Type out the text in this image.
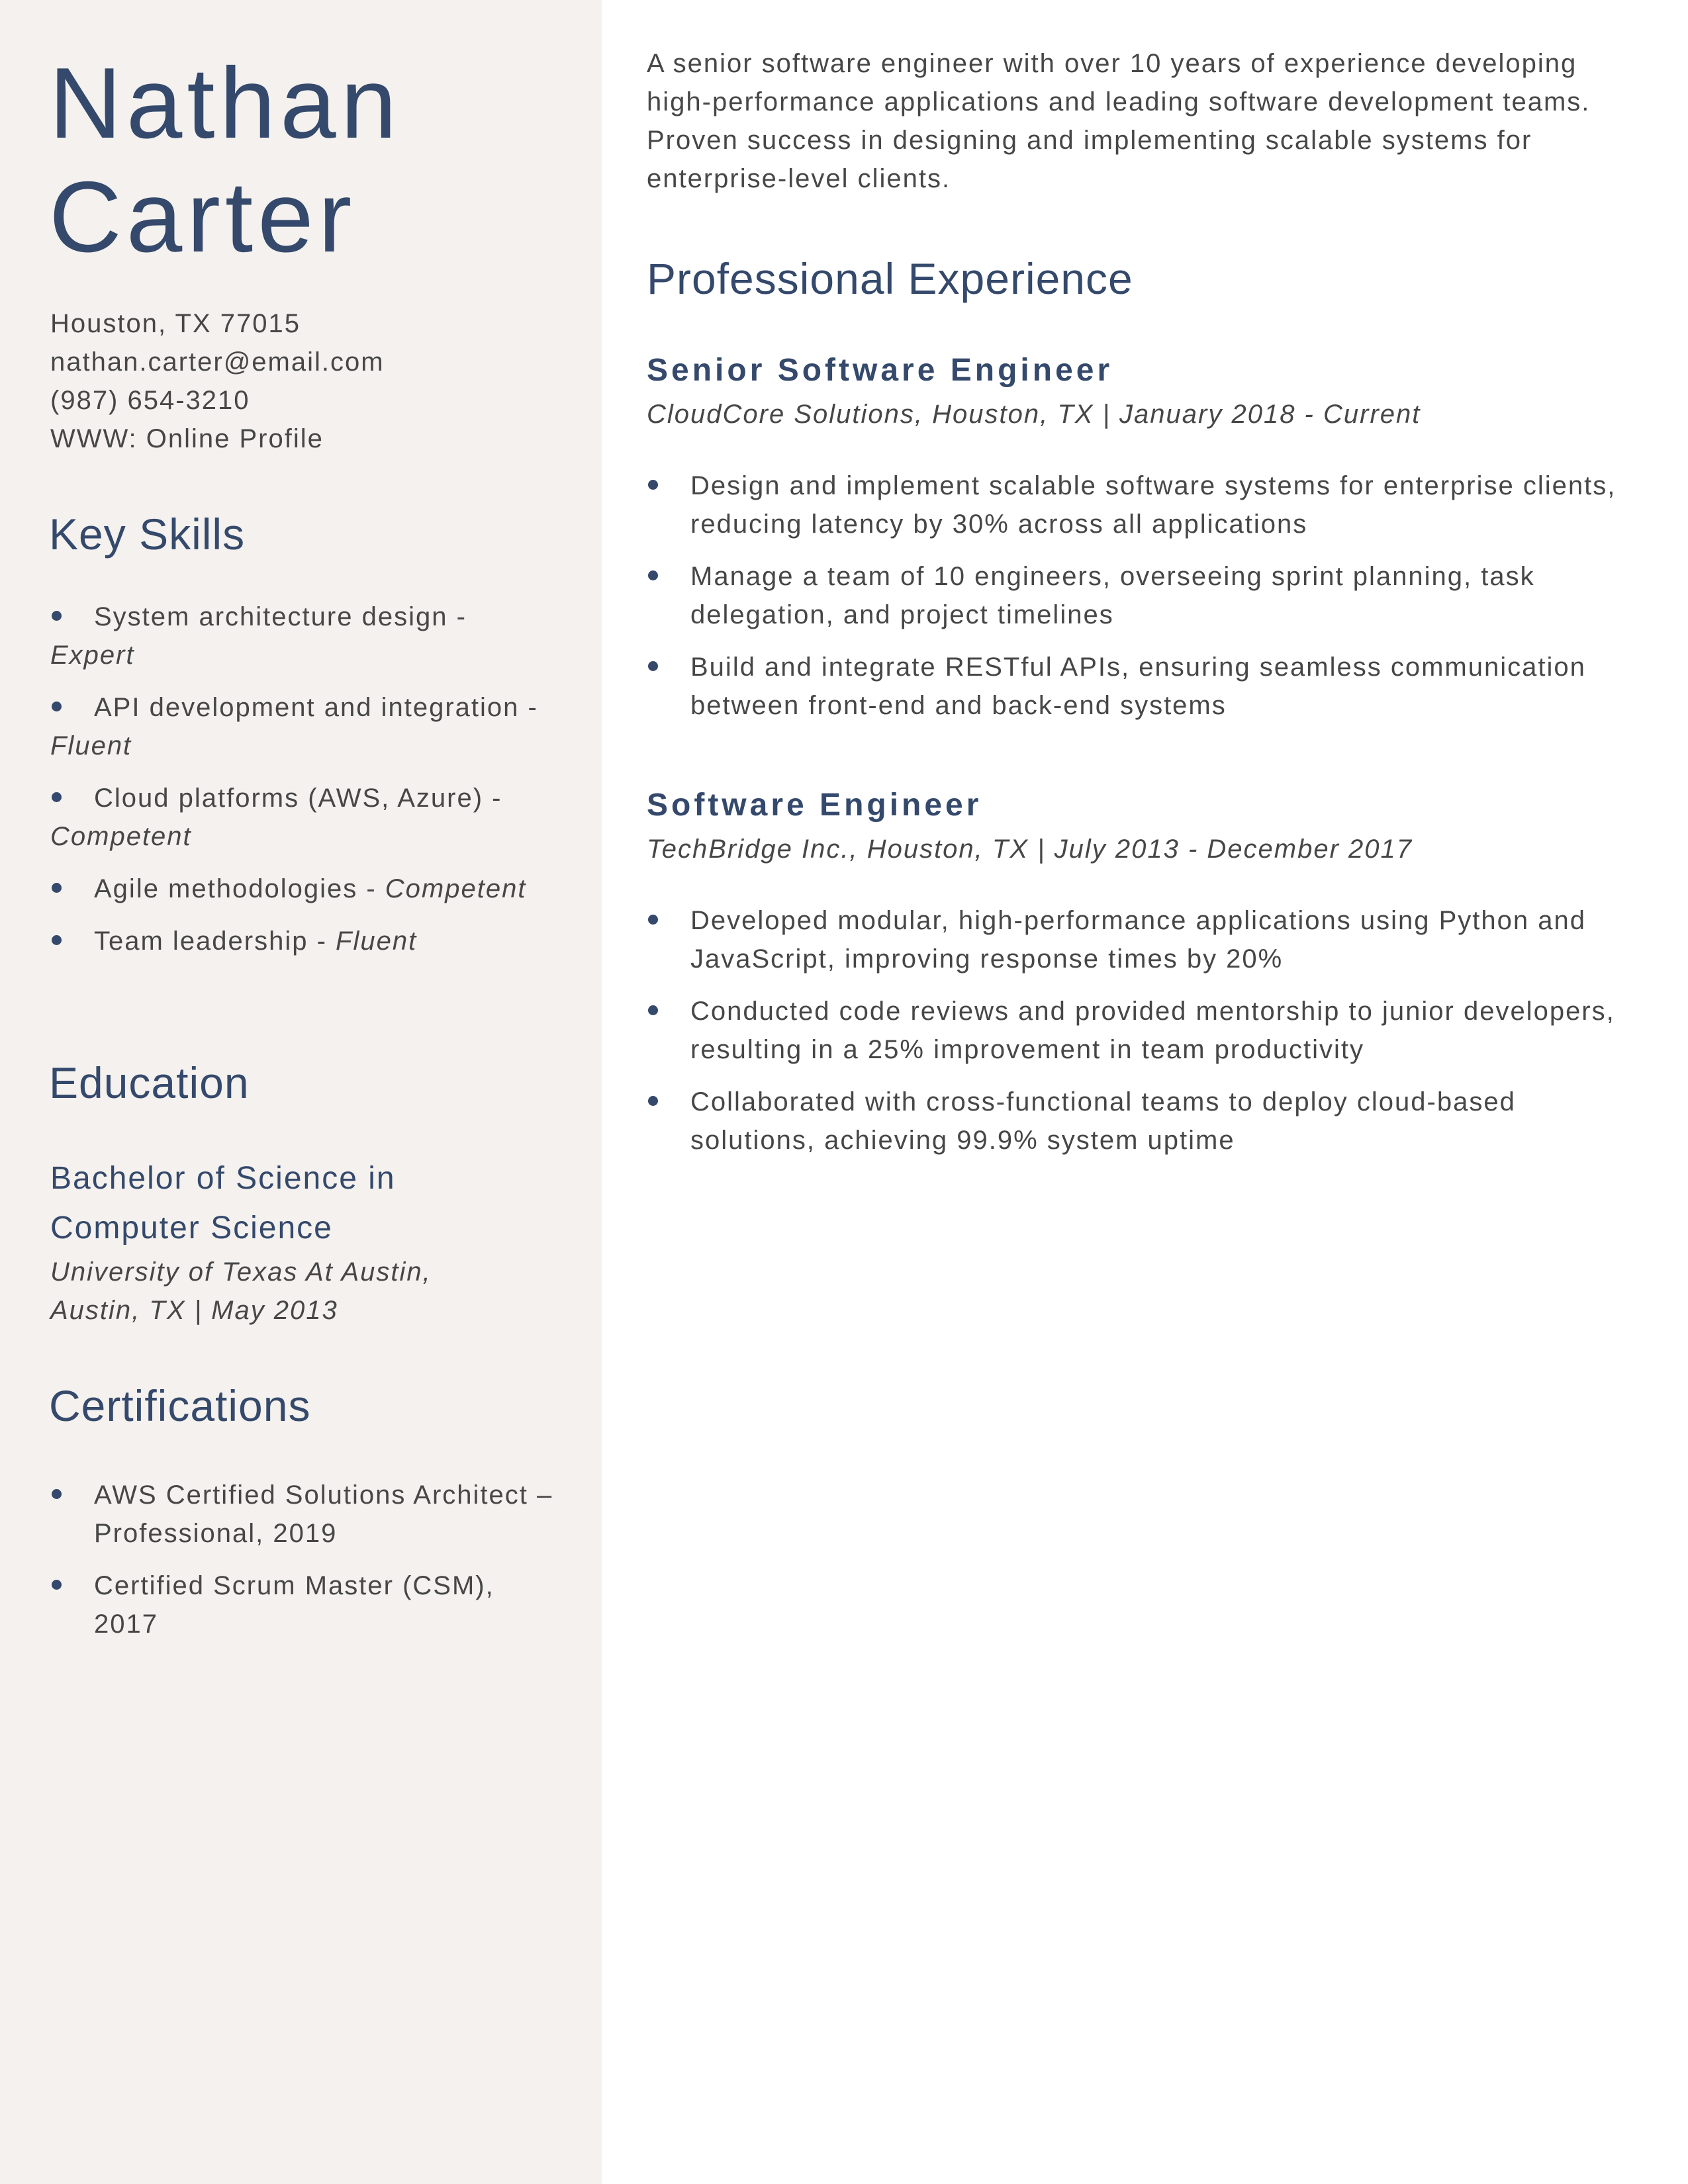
Nathan
Carter
Houston, TX 77015
nathan.carter@email.com
(987) 654-3210
WWW: Online Profile
Key Skills
System architecture design - Expert
API development and integration - Fluent
Cloud platforms (AWS, Azure) - Competent
Agile methodologies - Competent
Team leadership - Fluent
Education
Bachelor of Science in Computer Science
University of Texas At Austin, Austin, TX | May 2013
Certifications
AWS Certified Solutions Architect – Professional, 2019
Certified Scrum Master (CSM), 2017

A senior software engineer with over 10 years of experience developing high-performance applications and leading software development teams. Proven success in designing and implementing scalable systems for enterprise-level clients.

Professional Experience
Senior Software Engineer
CloudCore Solutions, Houston, TX | January 2018 - Current
Design and implement scalable software systems for enterprise clients, reducing latency by 30% across all applications
Manage a team of 10 engineers, overseeing sprint planning, task delegation, and project timelines
Build and integrate RESTful APIs, ensuring seamless communication between front-end and back-end systems
Software Engineer
TechBridge Inc., Houston, TX | July 2013 - December 2017
Developed modular, high-performance applications using Python and JavaScript, improving response times by 20%
Conducted code reviews and provided mentorship to junior developers, resulting in a 25% improvement in team productivity
Collaborated with cross-functional teams to deploy cloud-based solutions, achieving 99.9% system uptime
